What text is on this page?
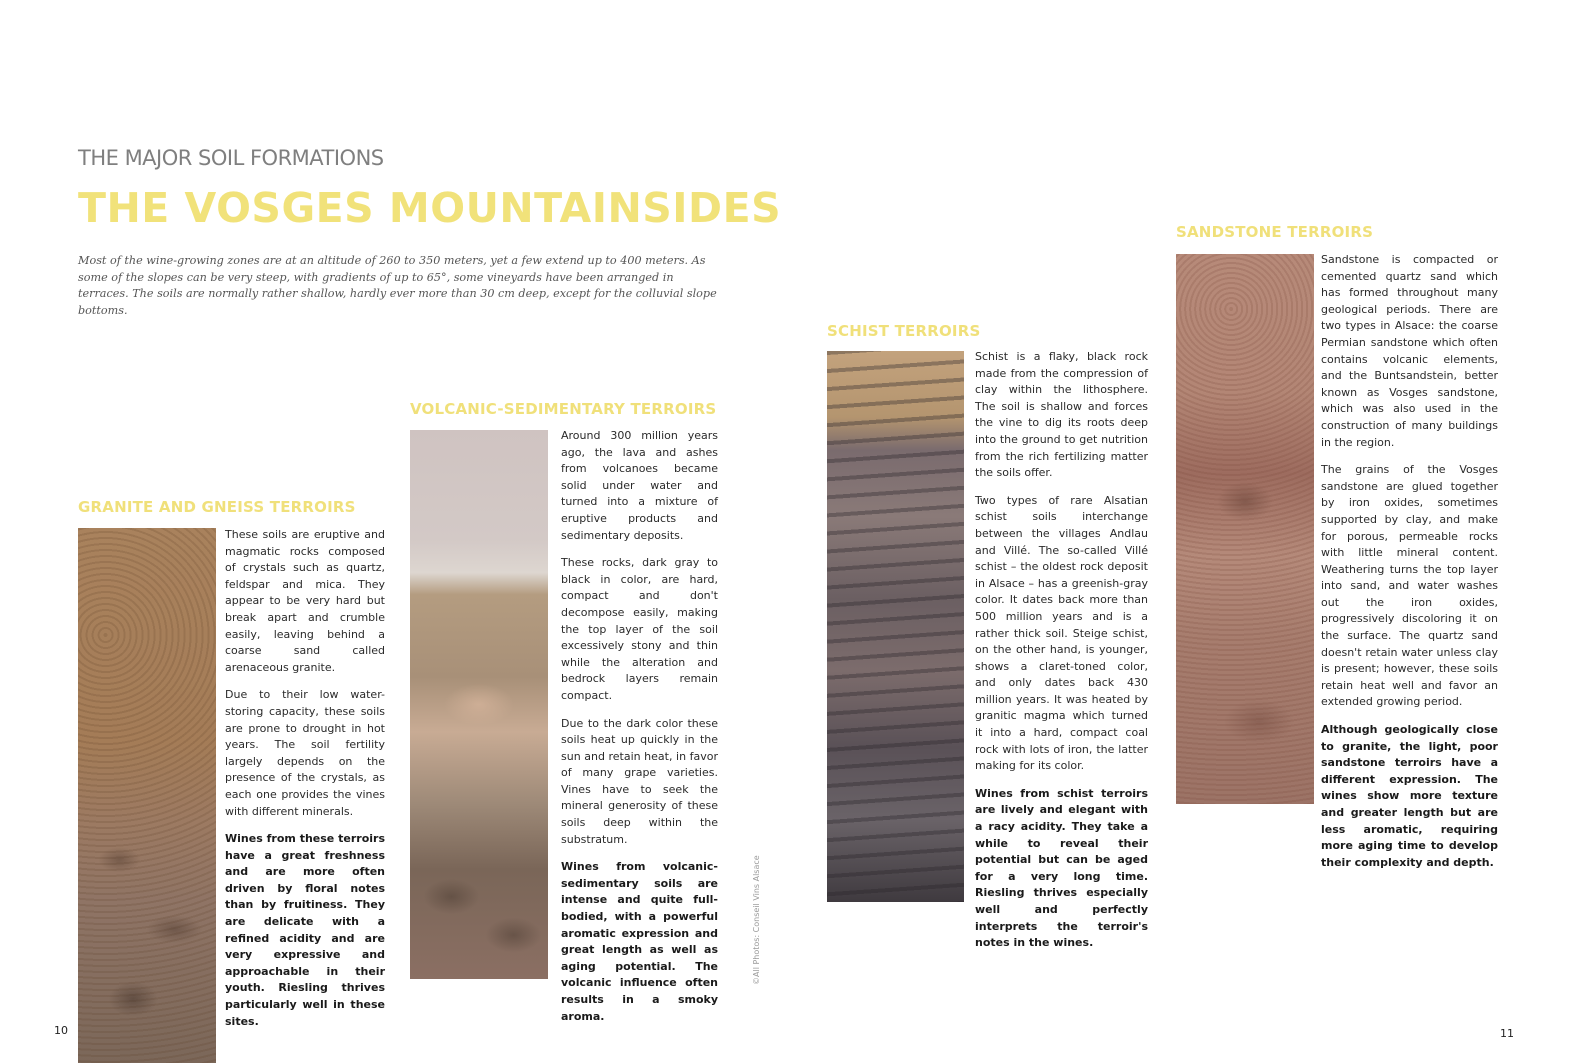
THE MAJOR SOIL FORMATIONS
THE VOSGES MOUNTAINSIDES
Most of the wine-growing zones are at an altitude of 260 to 350 meters, yet a few extend up to 400 meters. As some of the slopes can be very steep, with gradients of up to 65°, some vineyards have been arranged in terraces. The soils are normally rather shallow, hardly ever more than 30 cm deep, except for the colluvial slope bottoms.
GRANITE AND GNEISS TERROIRS

These soils are eruptive and magmatic rocks composed of crystals such as quartz, feldspar and mica. They appear to be very hard but break apart and crumble easily, leaving behind a coarse sand called arenaceous granite.

Due to their low water-storing capacity, these soils are prone to drought in hot years. The soil fertility largely depends on the presence of the crystals, as each one provides the vines with different minerals.

Wines from these terroirs have a great freshness and are more often driven by floral notes than by fruitiness. They are delicate with a refined acidity and are very expressive and approachable in their youth. Riesling thrives particularly well in these sites.

VOLCANIC-SEDIMENTARY TERROIRS

Around 300 million years ago, the lava and ashes from volcanoes became solid under water and turned into a mixture of eruptive products and sedimentary deposits.

These rocks, dark gray to black in color, are hard, compact and don't decompose easily, making the top layer of the soil excessively stony and thin while the alteration and bedrock layers remain compact.

Due to the dark color these soils heat up quickly in the sun and retain heat, in favor of many grape varieties. Vines have to seek the mineral generosity of these soils deep within the substratum.

Wines from volcanic-sedimentary soils are intense and quite full-bodied, with a powerful aromatic expression and great length as well as aging potential. The volcanic influence often results in a smoky aroma.

©All Photos: Conseil Vins Alsace
SCHIST TERROIRS

Schist is a flaky, black rock made from the compression of clay within the lithosphere. The soil is shallow and forces the vine to dig its roots deep into the ground to get nutrition from the rich fertilizing matter the soils offer.

Two types of rare Alsatian schist soils interchange between the villages Andlau and Villé. The so-called Villé schist – the oldest rock deposit in Alsace – has a greenish-gray color. It dates back more than 500 million years and is a rather thick soil. Steige schist, on the other hand, is younger, shows a claret-toned color, and only dates back 430 million years. It was heated by granitic magma which turned it into a hard, compact coal rock with lots of iron, the latter making for its color.

Wines from schist terroirs are lively and elegant with a racy acidity. They take a while to reveal their potential but can be aged for a very long time. Riesling thrives especially well and perfectly interprets the terroir's notes in the wines.

SANDSTONE TERROIRS

Sandstone is compacted or cemented quartz sand which has formed throughout many geological periods. There are two types in Alsace: the coarse Permian sandstone which often contains volcanic elements, and the Buntsandstein, better known as Vosges sandstone, which was also used in the construction of many buildings in the region.

The grains of the Vosges sandstone are glued together by iron oxides, sometimes supported by clay, and make for porous, permeable rocks with little mineral content. Weathering turns the top layer into sand, and water washes out the iron oxides, progressively discoloring it on the surface. The quartz sand doesn't retain water unless clay is present; however, these soils retain heat well and favor an extended growing period.

Although geologically close to granite, the light, poor sandstone terroirs have a different expression. The wines show more texture and greater length but are less aromatic, requiring more aging time to develop their complexity and depth.

10	11
